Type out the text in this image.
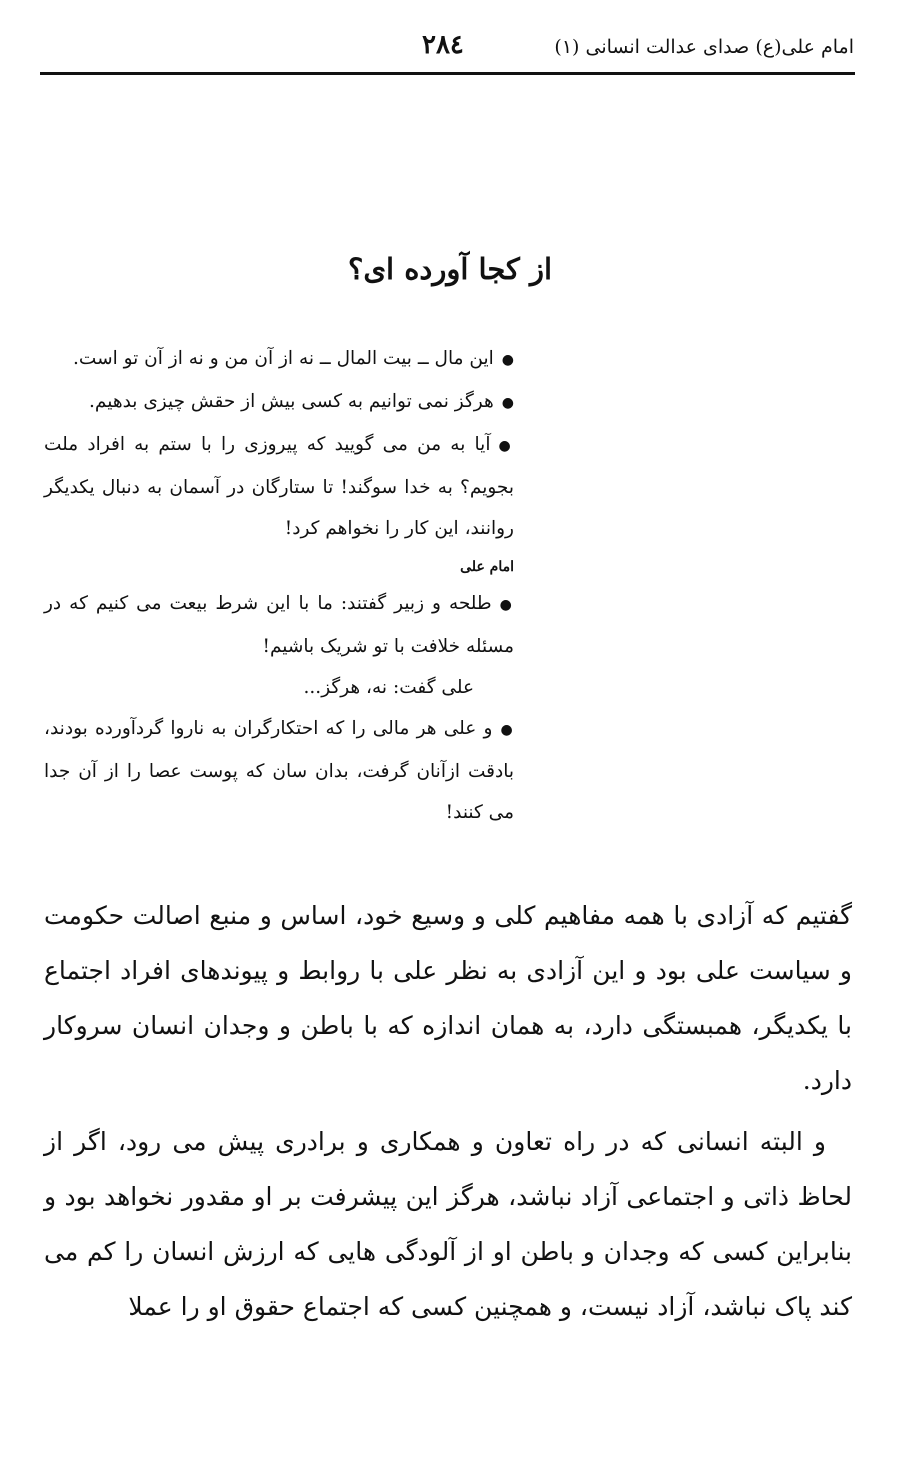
امام علی(ع) صدای عدالت انسانی (١)
٢٨٤
از کجا آورده ای؟

●این مال ــ بیت المال ــ نه از آن من و نه از آن تو است.

●هرگز نمی توانیم به کسی بیش از حقش چیزی بدهیم.

●آیا به من می گویید که پیروزی را با ستم به افراد ملت بجویم؟ به خدا سوگند! تا ستارگان در آسمان به دنبال یکدیگر روانند، این کار را نخواهم کرد!

امام علی

●طلحه و زبیر گفتند: ما با این شرط بیعت می کنیم که در مسئله خلافت با تو شریک باشیم!

علی گفت: نه، هرگز...

●و علی هر مالی را که احتکارگران به ناروا گردآورده بودند، بادقت ازآنان گرفت، بدان سان که پوست عصا را از آن جدا می کنند!

گفتیم که آزادی با همه مفاهیم کلی و وسیع خود، اساس و منبع اصالت حکومت و سیاست علی بود و این آزادی به نظر علی با روابط و پیوندهای افراد اجتماع با یکدیگر، همبستگی دارد، به همان اندازه که با باطن و وجدان انسان سروکار دارد.

و البته انسانی که در راه تعاون و همکاری و برادری پیش می رود، اگر از لحاظ ذاتی و اجتماعی آزاد نباشد، هرگز این پیشرفت بر او مقدور نخواهد بود و بنابراین کسی که وجدان و باطن او از آلودگی هایی که ارزش انسان را کم می کند پاک نباشد، آزاد نیست، و همچنین کسی که اجتماع حقوق او را عملا
